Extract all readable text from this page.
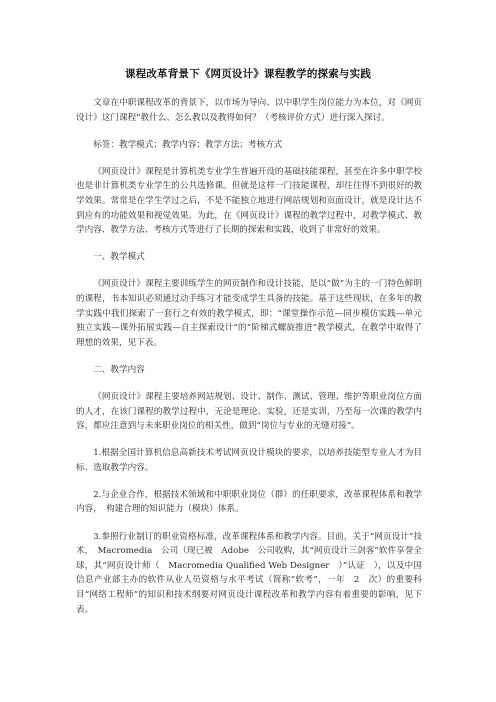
课程改革背景下《网页设计》课程教学的探索与实践

文章在中职课程改革的背景下，以市场为导向、以中职学生岗位能力为本位，对《网页设计》这门课程“教什么、怎么教以及教得如何？（考核评价方式）进行深入探讨。

标签：教学模式；教学内容；教学方法；考核方式

《网页设计》课程是计算机类专业学生普遍开设的基础技能课程，甚至在许多中职学校也是非计算机类专业学生的公共选修课。但就是这样一门技能课程，却往往得不到很好的教学效果。常常是在学生学过之后，不是不能独立地进行网站规划和页面设计，就是设计达不到应有的功能效果和视觉效果。为此，在《网页设计》课程的教学过程中，对教学模式、教学内容、教学方法、考核方式等进行了长期的探索和实践，收到了非常好的效果。

一、教学模式

《网页设计》课程主要训练学生的网页制作和设计技能，是以“做”为主的一门特色鲜明的课程，书本知识必须通过动手练习才能变成学生具备的技能。基于这些现状，在多年的教学实践中我们探索了一套行之有效的教学模式，即：“课堂操作示范—同步模仿实践—单元独立实践—课外拓展实践—自主探索设计”的“阶梯式螺旋推进”教学模式，在教学中取得了理想的效果，见下表。

二、教学内容

《网页设计》课程主要培养网站规划、设计、制作、测试、管理、维护等职业岗位方面的人才，在该门课程的教学过程中，无论是理论、实验，还是实训，乃至每一次课的教学内容，都应注意到与未来职业岗位的相关性，做到“岗位与专业的无缝对接”。

1.根据全国计算机信息高新技术考试网页设计模块的要求，以培养技能型专业人才为目标、选取教学内容。

2.与企业合作，根据技术领域和中职职业岗位（群）的任职要求，改革课程体系和教学内容，　构建合理的知识能力（模块）体系。

3.参照行业制订的职业资格标准，改革课程体系和教学内容。目前，关于“网页设计”技术，　Macromedia　公司（现已被　Adobe　公司收购，其“网页设计三剑客”软件享誉全球，其“网页设计师（　Macromedia Qualified Web Designer　）”认证　），以及中国信息产业部主办的软件从业人员资格与水平考试（简称“软考”，一年　2　次）的重要科目“网络工程师”的知识和技术纲要对网页设计课程改革和教学内容有着重要的影响，见下表。
